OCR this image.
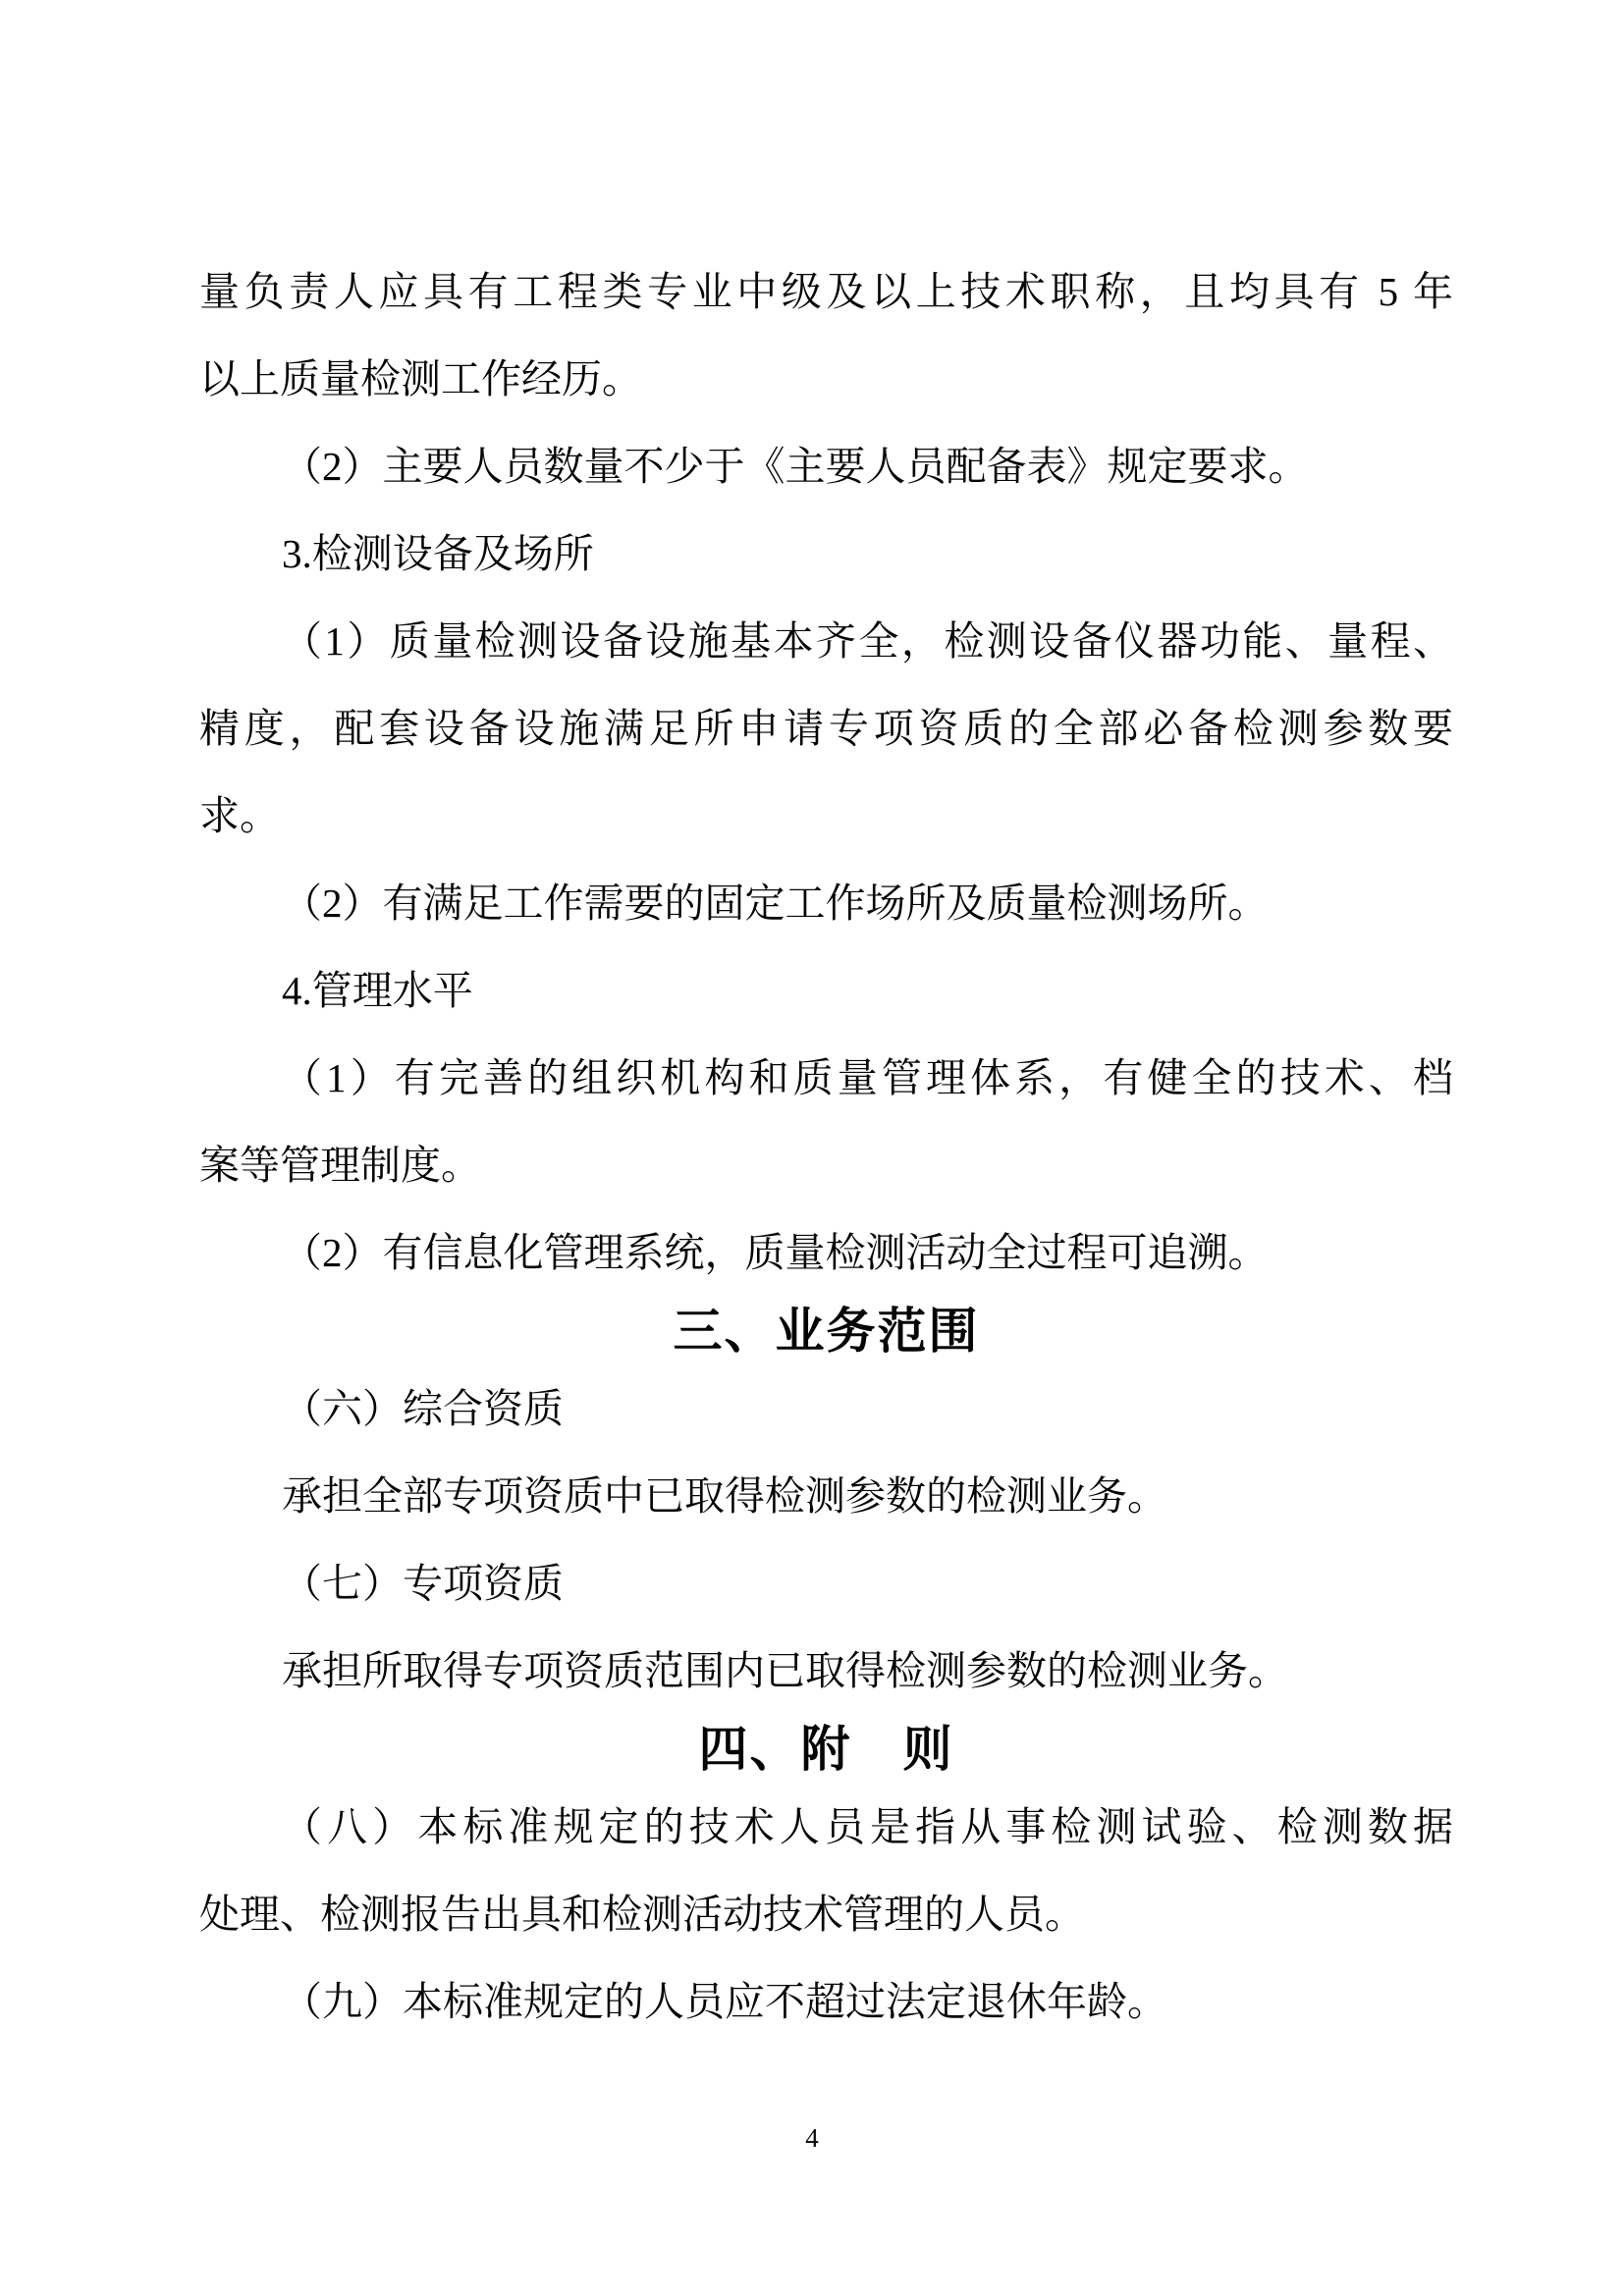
量负责人应具有工程类专业中级及以上技术职称，且均具有 5 年
以上质量检测工作经历。
（2）主要人员数量不少于《主要人员配备表》规定要求。
3.检测设备及场所
（1）质量检测设备设施基本齐全，检测设备仪器功能、量程、
精度，配套设备设施满足所申请专项资质的全部必备检测参数要
求。
（2）有满足工作需要的固定工作场所及质量检测场所。
4.管理水平
（1）有完善的组织机构和质量管理体系，有健全的技术、档
案等管理制度。
（2）有信息化管理系统，质量检测活动全过程可追溯。
三、业务范围
（六）综合资质
承担全部专项资质中已取得检测参数的检测业务。
（七）专项资质
承担所取得专项资质范围内已取得检测参数的检测业务。
四、附　则
（八）本标准规定的技术人员是指从事检测试验、检测数据
处理、检测报告出具和检测活动技术管理的人员。
（九）本标准规定的人员应不超过法定退休年龄。
4
